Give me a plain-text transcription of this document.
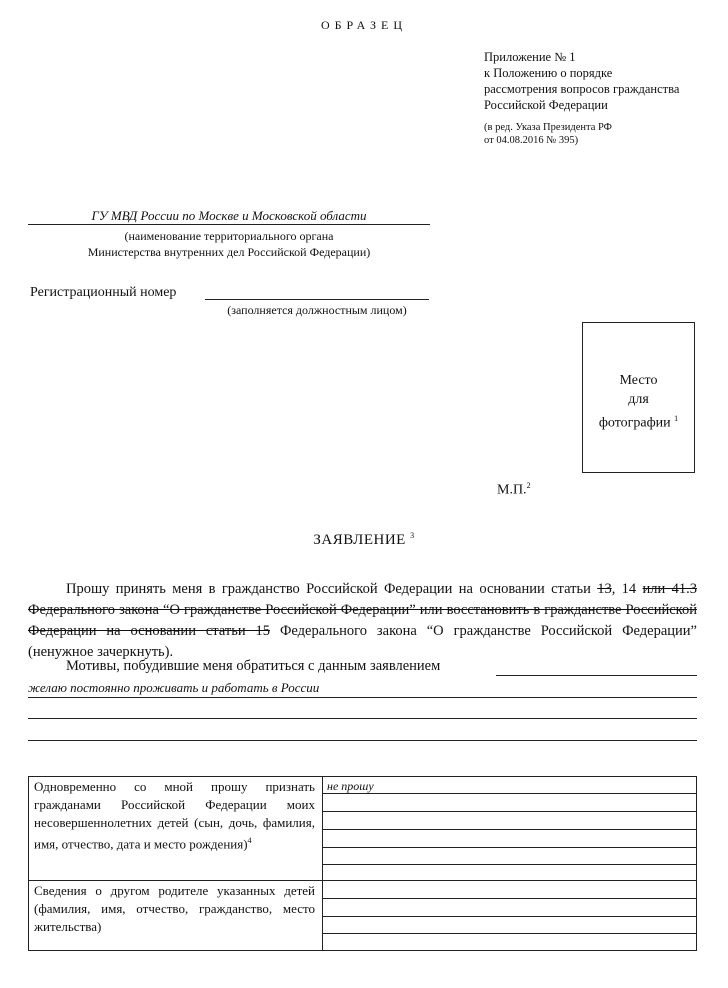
ОБРАЗЕЦ
Приложение № 1
к Положению о порядке
рассмотрения вопросов гражданства
Российской Федерации
(в ред. Указа Президента РФ
от 04.08.2016 № 395)
ГУ МВД России по Москве и Московской области
(наименование территориального органа
Министерства внутренних дел Российской Федерации)
Регистрационный номер
(заполняется должностным лицом)
Место
для
фотографии $^1$
М.П.$^2$
ЗАЯВЛЕНИЕ $^3$
Прошу принять меня в гражданство Российской Федерации на основании статьи 13, 14 или 41.3 Федерального закона “О гражданстве Российской Федерации” или восстановить в гражданстве Российской Федерации на основании статьи 15 Федерального закона “О гражданстве Российской Федерации” (ненужное зачеркнуть).
Мотивы, побудившие меня обратиться с данным заявлением
желаю постоянно проживать и работать в России
Одновременно со мной прошу признать гражданами Российской Федерации моих несовершеннолетних детей (сын, дочь, фамилия, имя, отчество, дата и место рождения)$^4$
не прошу
Сведения о другом родителе указанных детей (фамилия, имя, отчество, гражданство, место жительства)
